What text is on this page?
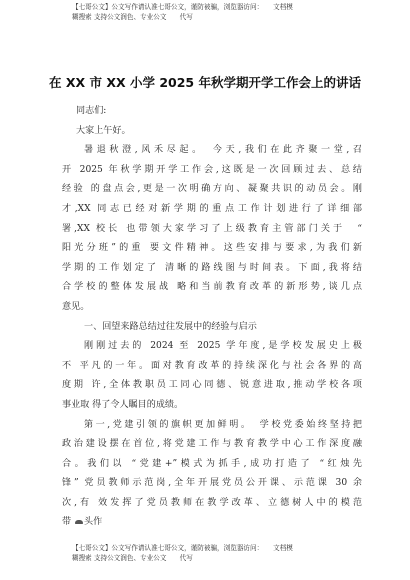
【七哥公文】公文写作请认准七哥公文，谨防被骗，浏览器访问：　　文档模
糊搜索 支持公文润色、专业公文　　代写
在 XX 市 XX 小学 2025 年秋学期开学工作会上的讲话
同志们:
大家上午好。
暑退秋澄,风禾尽起。　今天,我们在此齐聚一堂,召
开 2025 年秋学期开学工作会,这既是一次回顾过去、总结
经验 的盘点会,更是一次明确方向、凝聚共识的动员会。刚
才,XX 同志已经对新学期的重点工作计划进行了详细部
署,XX 校长 也带领大家学习了上级教育主管部门关于　“
阳光分班”的重 要文件精神。这些安排与要求,为我们新
学期的工作划定了 清晰的路线图与时间表。下面,我将结
合学校的整体发展战 略和当前教育改革的新形势,谈几点
意见。
一、回望来路总结过往发展中的经验与启示
刚刚过去的 2024 至 2025 学年度,是学校发展史上极
不 平凡的一年。面对教育改革的持续深化与社会各界的高
度期 许,全体教职员工同心同德、锐意进取,推动学校各项
事业取 得了令人瞩目的成绩。
第一,党建引领的旗帜更加鲜明。　学校党委始终坚持把
政治建设摆在首位,将党建工作与教育教学中心工作深度融
合。我们以 “党建+”模式为抓手,成功打造了 “红烛先
锋” 党员教师示范岗,全年开展党员公开课、示范课 30 余
次,有 效发挥了党员教师在教学改革、立德树人中的模范
带 头作
【七哥公文】公文写作请认准七哥公文，谨防被骗，浏览器访问：　　文档模
糊搜索 支持公文润色、专业公文　　代写
